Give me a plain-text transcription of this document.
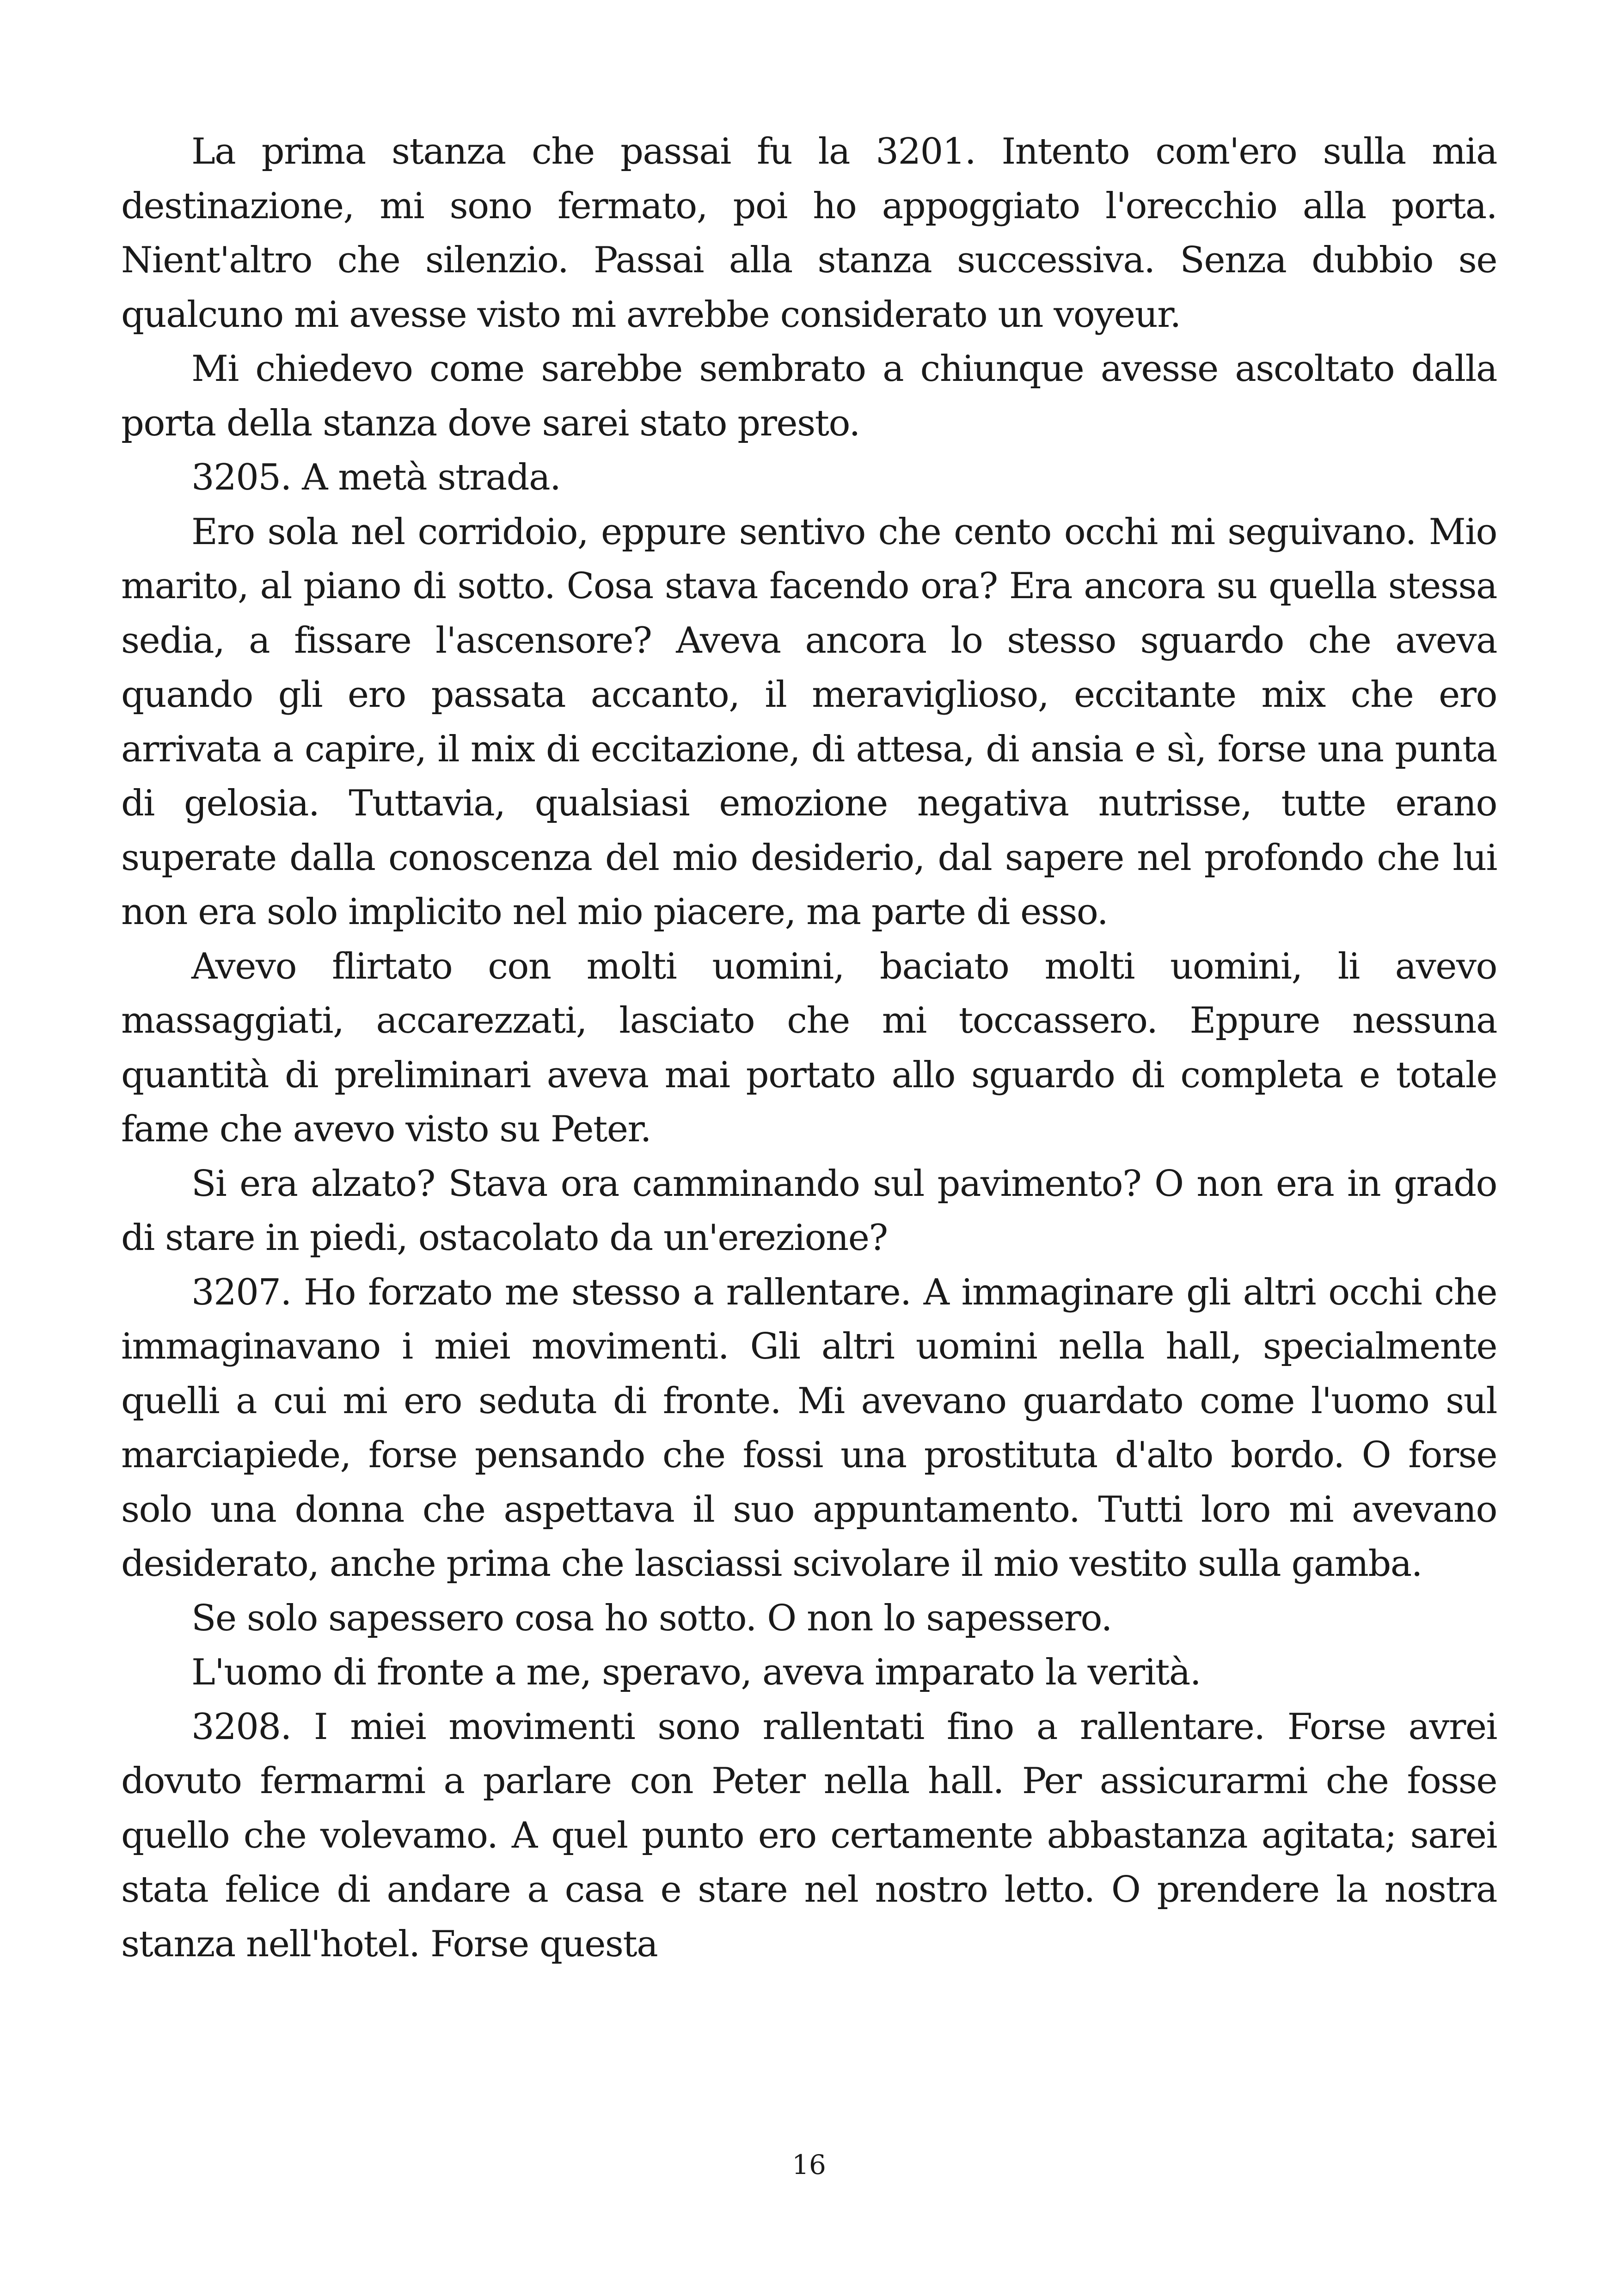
La prima stanza che passai fu la 3201. Intento com'ero sulla mia destinazione, mi sono fermato, poi ho appoggiato l'orecchio alla porta. Nient'altro che silenzio. Passai alla stanza successiva. Senza dubbio se qualcuno mi avesse visto mi avrebbe considerato un voyeur.

Mi chiedevo come sarebbe sembrato a chiunque avesse ascoltato dalla porta della stanza dove sarei stato presto.

3205. A metà strada.

Ero sola nel corridoio, eppure sentivo che cento occhi mi seguivano. Mio marito, al piano di sotto. Cosa stava facendo ora? Era ancora su quella stessa sedia, a fissare l'ascensore? Aveva ancora lo stesso sguardo che aveva quando gli ero passata accanto, il meraviglioso, eccitante mix che ero arrivata a capire, il mix di eccitazione, di attesa, di ansia e sì, forse una punta di gelosia. Tuttavia, qualsiasi emozione negativa nutrisse, tutte erano superate dalla conoscenza del mio desiderio, dal sapere nel profondo che lui non era solo implicito nel mio piacere, ma parte di esso.

Avevo flirtato con molti uomini, baciato molti uomini, li avevo massaggiati, accarezzati, lasciato che mi toccassero. Eppure nessuna quantità di preliminari aveva mai portato allo sguardo di completa e totale fame che avevo visto su Peter.

Si era alzato? Stava ora camminando sul pavimento? O non era in grado di stare in piedi, ostacolato da un'erezione?

3207. Ho forzato me stesso a rallentare. A immaginare gli altri occhi che immaginavano i miei movimenti. Gli altri uomini nella hall, specialmente quelli a cui mi ero seduta di fronte. Mi avevano guardato come l'uomo sul marciapiede, forse pensando che fossi una prostituta d'alto bordo. O forse solo una donna che aspettava il suo appuntamento. Tutti loro mi avevano desiderato, anche prima che lasciassi scivolare il mio vestito sulla gamba.

Se solo sapessero cosa ho sotto. O non lo sapessero.

L'uomo di fronte a me, speravo, aveva imparato la verità.

3208. I miei movimenti sono rallentati fino a rallentare. Forse avrei dovuto fermarmi a parlare con Peter nella hall. Per assicurarmi che fosse quello che volevamo. A quel punto ero certamente abbastanza agitata; sarei stata felice di andare a casa e stare nel nostro letto. O prendere la nostra stanza nell'hotel. Forse questa

16
